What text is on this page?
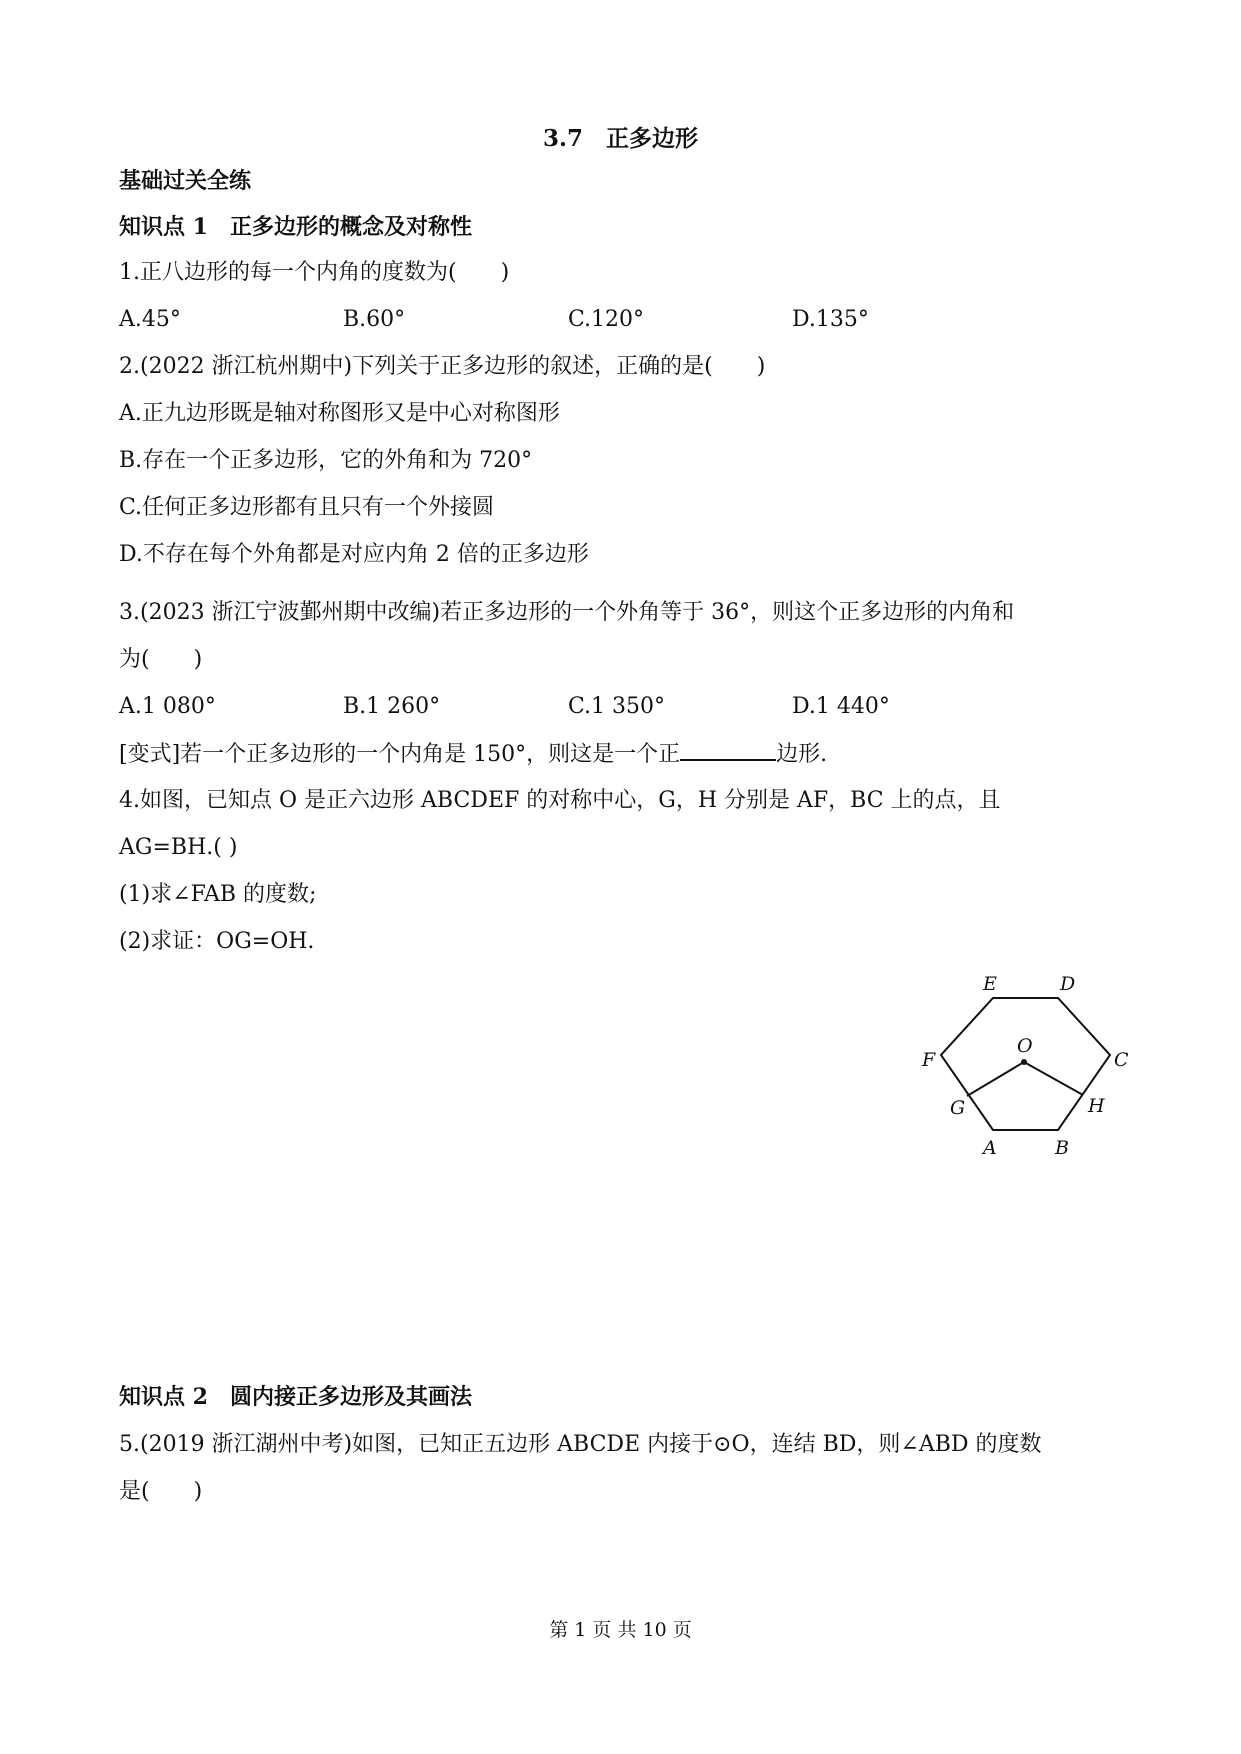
3.7　正多边形
基础过关全练
知识点 1　正多边形的概念及对称性
1.正八边形的每一个内角的度数为(　　)
A.45°	B.60°	C.120°	D.135°
2.(2022 浙江杭州期中)下列关于正多边形的叙述，正确的是(　　)
A.正九边形既是轴对称图形又是中心对称图形
B.存在一个正多边形，它的外角和为 720°
C.任何正多边形都有且只有一个外接圆
D.不存在每个外角都是对应内角 2 倍的正多边形
3.(2023 浙江宁波鄞州期中改编)若正多边形的一个外角等于 36°，则这个正多边形的内角和
为(　　)
A.1 080°	B.1 260°	C.1 350°	D.1 440°
[变式]若一个正多边形的一个内角是 150°，则这是一个正	边形.
4.如图，已知点 O 是正六边形 ABCDEF 的对称中心，G，H 分别是 AF，BC 上的点，且
AG=BH.( )
(1)求∠FAB 的度数;
(2)求证：OG=OH.
E	D
F	C
O
G	H
A	B
知识点 2　圆内接正多边形及其画法
5.(2019 浙江湖州中考)如图，已知正五边形 ABCDE 内接于⊙O，连结 BD，则∠ABD 的度数
是(　　)
第 1 页 共 10 页
